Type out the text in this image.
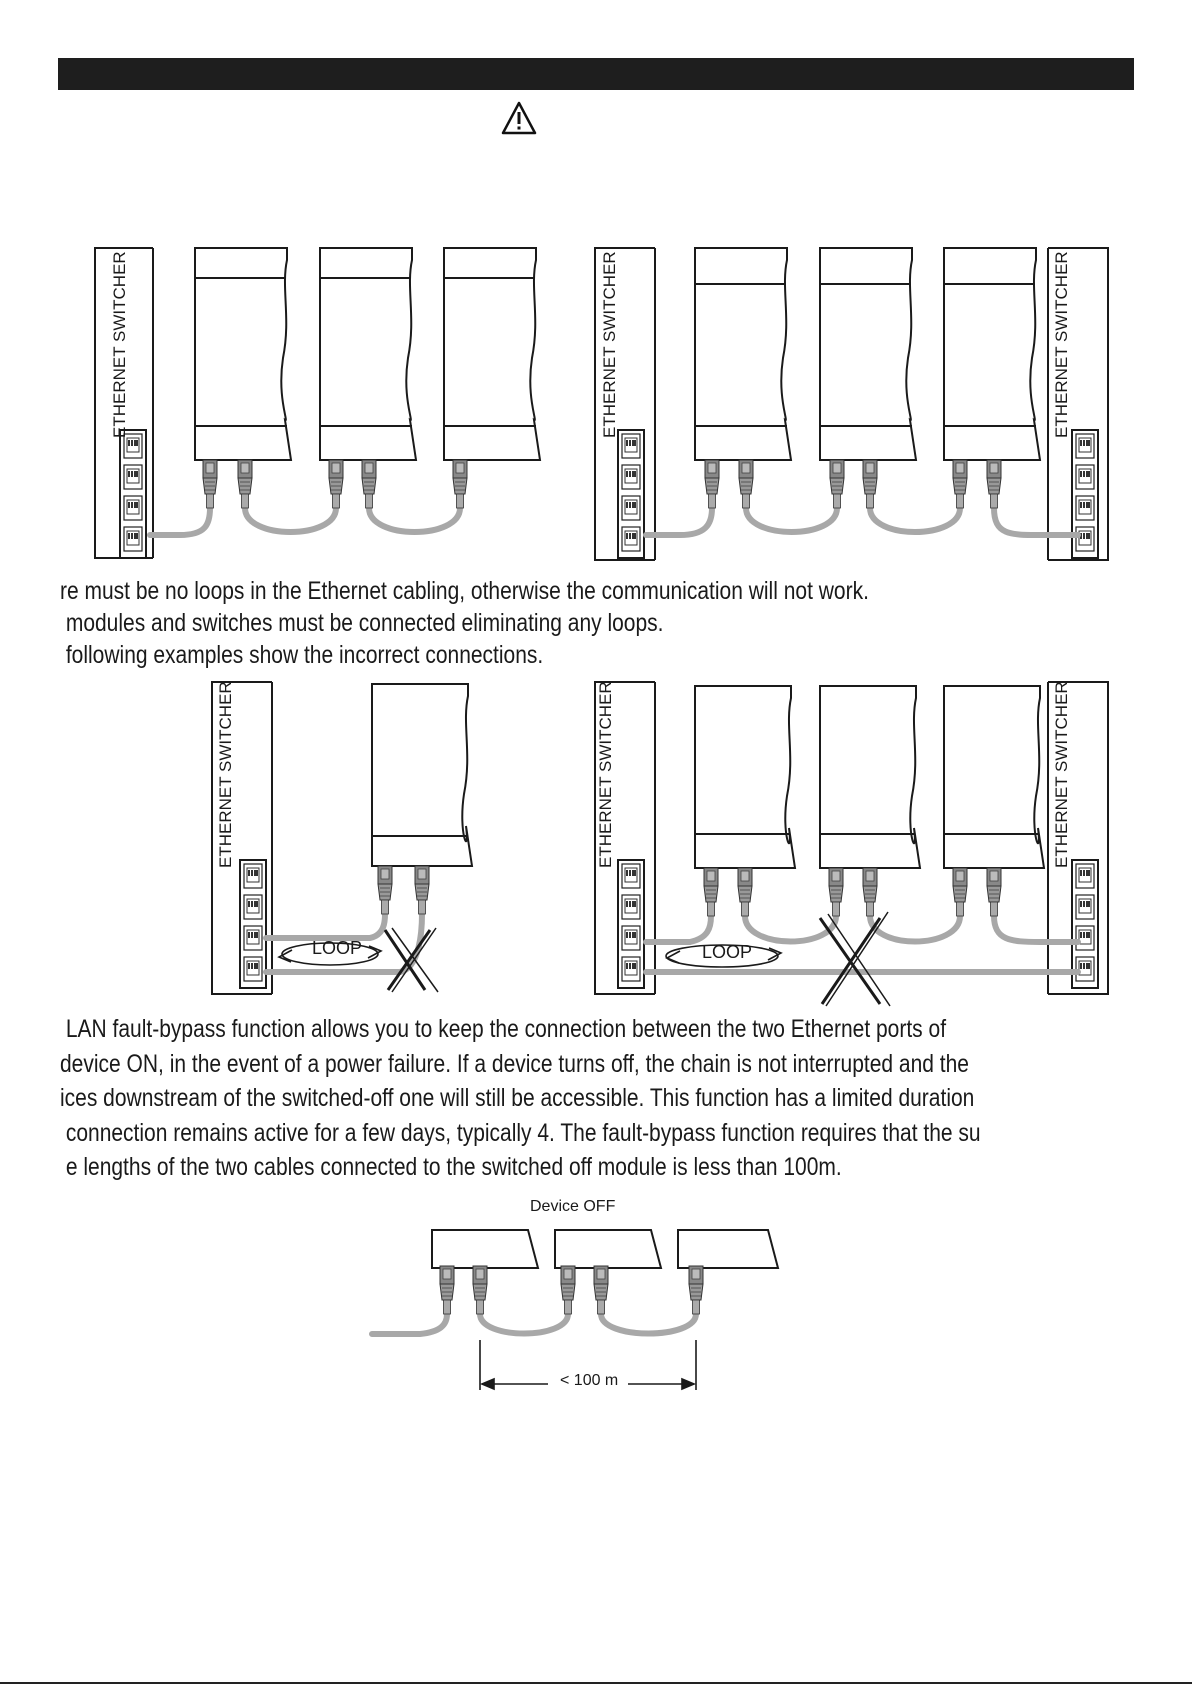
ETHERNET SWITCHER	ETHERNET SWITCHER	ETHERNET SWITCHER
ETHERNET SWITCHER	ETHERNET SWITCHER	ETHERNET SWITCHER
LOOP	LOOP
re must be no loops in the Ethernet cabling, otherwise the communication will not work.
modules and switches must be connected eliminating any loops.
following examples show the incorrect connections.
LAN fault-bypass function allows you to keep the connection between the two Ethernet ports of
device ON, in the event of a power failure. If a device turns off, the chain is not interrupted and the
ices downstream of the switched-off one will still be accessible. This function has a limited duration
connection remains active for a few days, typically 4. The fault-bypass function requires that the su
e lengths of the two cables connected to the switched off module is less than 100m.
Device OFF
< 100 m
